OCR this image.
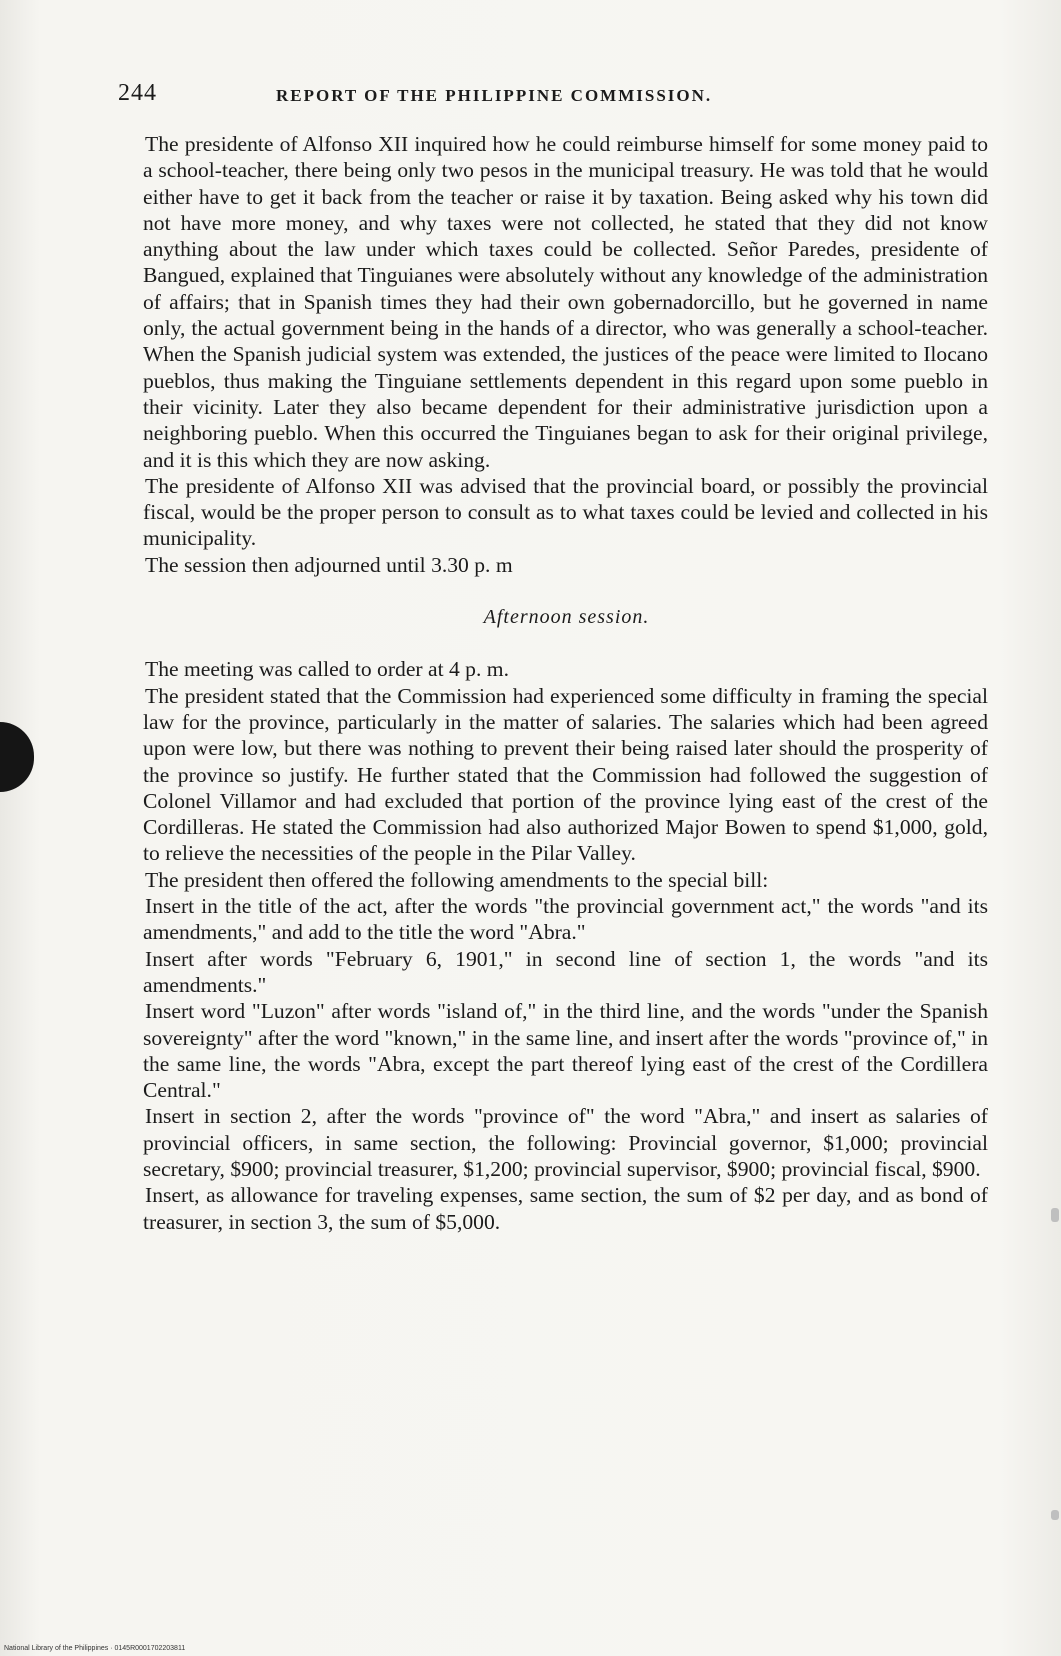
244	REPORT OF THE PHILIPPINE COMMISSION.

The presidente of Alfonso XII inquired how he could reimburse himself for some money paid to a school-teacher, there being only two pesos in the municipal treasury. He was told that he would either have to get it back from the teacher or raise it by taxation. Being asked why his town did not have more money, and why taxes were not collected, he stated that they did not know anything about the law under which taxes could be collected. Señor Paredes, presidente of Bangued, explained that Tinguianes were absolutely without any knowledge of the administration of affairs; that in Spanish times they had their own gobernadorcillo, but he governed in name only, the actual government being in the hands of a director, who was generally a school-teacher. When the Spanish judicial system was extended, the justices of the peace were limited to Ilocano pueblos, thus making the Tinguiane settlements dependent in this regard upon some pueblo in their vicinity. Later they also became dependent for their administrative jurisdiction upon a neighboring pueblo. When this occurred the Tinguianes began to ask for their original privilege, and it is this which they are now asking.

The presidente of Alfonso XII was advised that the provincial board, or possibly the provincial fiscal, would be the proper person to consult as to what taxes could be levied and collected in his municipality.

The session then adjourned until 3.30 p. m

Afternoon session.

The meeting was called to order at 4 p. m.

The president stated that the Commission had experienced some difficulty in framing the special law for the province, particularly in the matter of salaries. The salaries which had been agreed upon were low, but there was nothing to prevent their being raised later should the prosperity of the province so justify. He further stated that the Commission had followed the suggestion of Colonel Villamor and had excluded that portion of the province lying east of the crest of the Cordilleras. He stated the Commission had also authorized Major Bowen to spend $1,000, gold, to relieve the necessities of the people in the Pilar Valley.

The president then offered the following amendments to the special bill:

Insert in the title of the act, after the words "the provincial government act," the words "and its amendments," and add to the title the word "Abra."

Insert after words "February 6, 1901," in second line of section 1, the words "and its amendments."

Insert word "Luzon" after words "island of," in the third line, and the words "under the Spanish sovereignty" after the word "known," in the same line, and insert after the words "province of," in the same line, the words "Abra, except the part thereof lying east of the crest of the Cordillera Central."

Insert in section 2, after the words "province of" the word "Abra," and insert as salaries of provincial officers, in same section, the following: Provincial governor, $1,000; provincial secretary, $900; provincial treasurer, $1,200; provincial supervisor, $900; provincial fiscal, $900.

Insert, as allowance for traveling expenses, same section, the sum of $2 per day, and as bond of treasurer, in section 3, the sum of $5,000.

National Library of the Philippines · 0145R0001702203811
